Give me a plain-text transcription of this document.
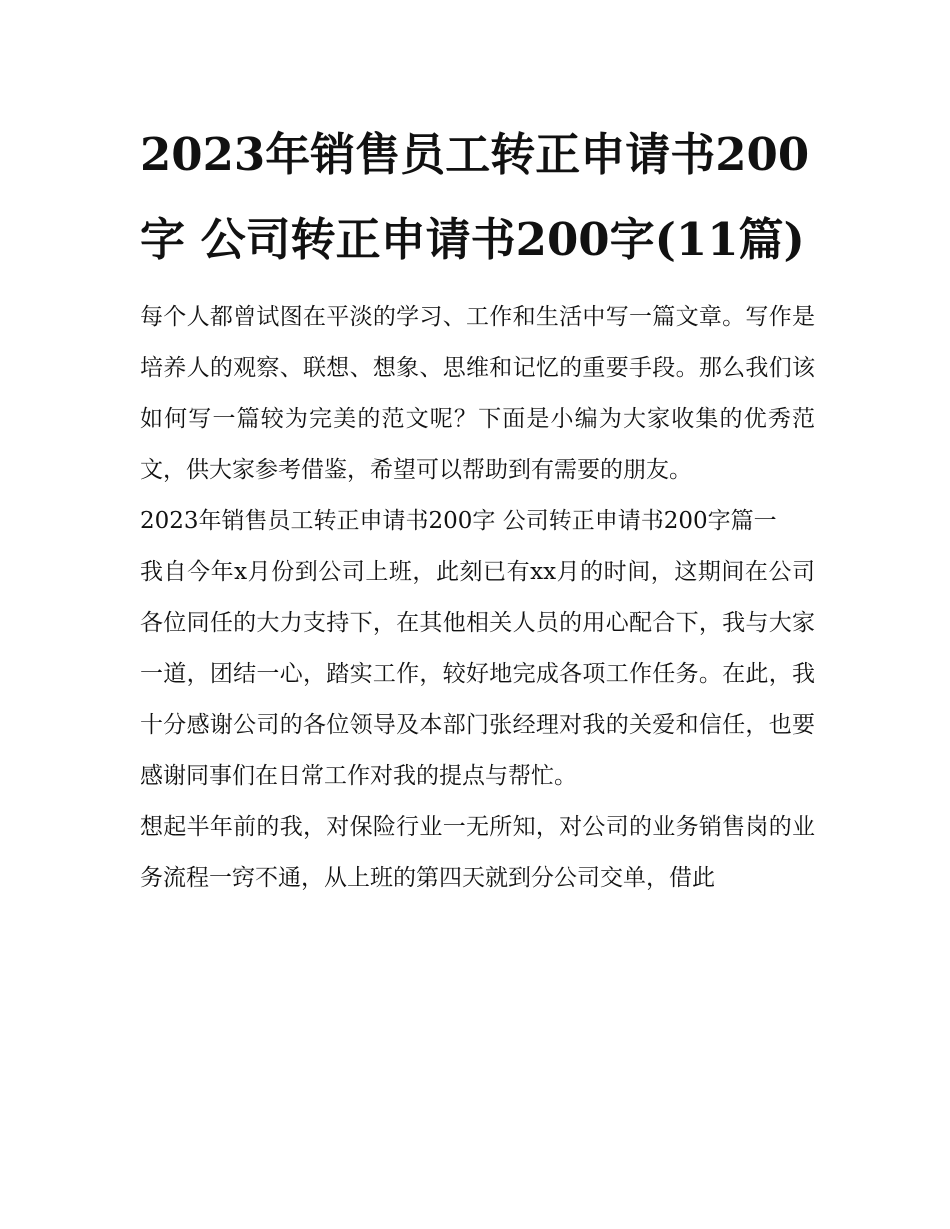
2023年销售员工转正申请书200字 公司转正申请书200字(11篇)

每个人都曾试图在平淡的学习、工作和生活中写一篇文章。写作是培养人的观察、联想、想象、思维和记忆的重要手段。那么我们该如何写一篇较为完美的范文呢？下面是小编为大家收集的优秀范文，供大家参考借鉴，希望可以帮助到有需要的朋友。

2023年销售员工转正申请书200字 公司转正申请书200字篇一

我自今年x月份到公司上班，此刻已有xx月的时间，这期间在公司各位同任的大力支持下，在其他相关人员的用心配合下，我与大家一道，团结一心，踏实工作，较好地完成各项工作任务。在此，我十分感谢公司的各位领导及本部门张经理对我的关爱和信任，也要感谢同事们在日常工作对我的提点与帮忙。

想起半年前的我，对保险行业一无所知，对公司的业务销售岗的业务流程一窍不通，从上班的第四天就到分公司交单，借此
